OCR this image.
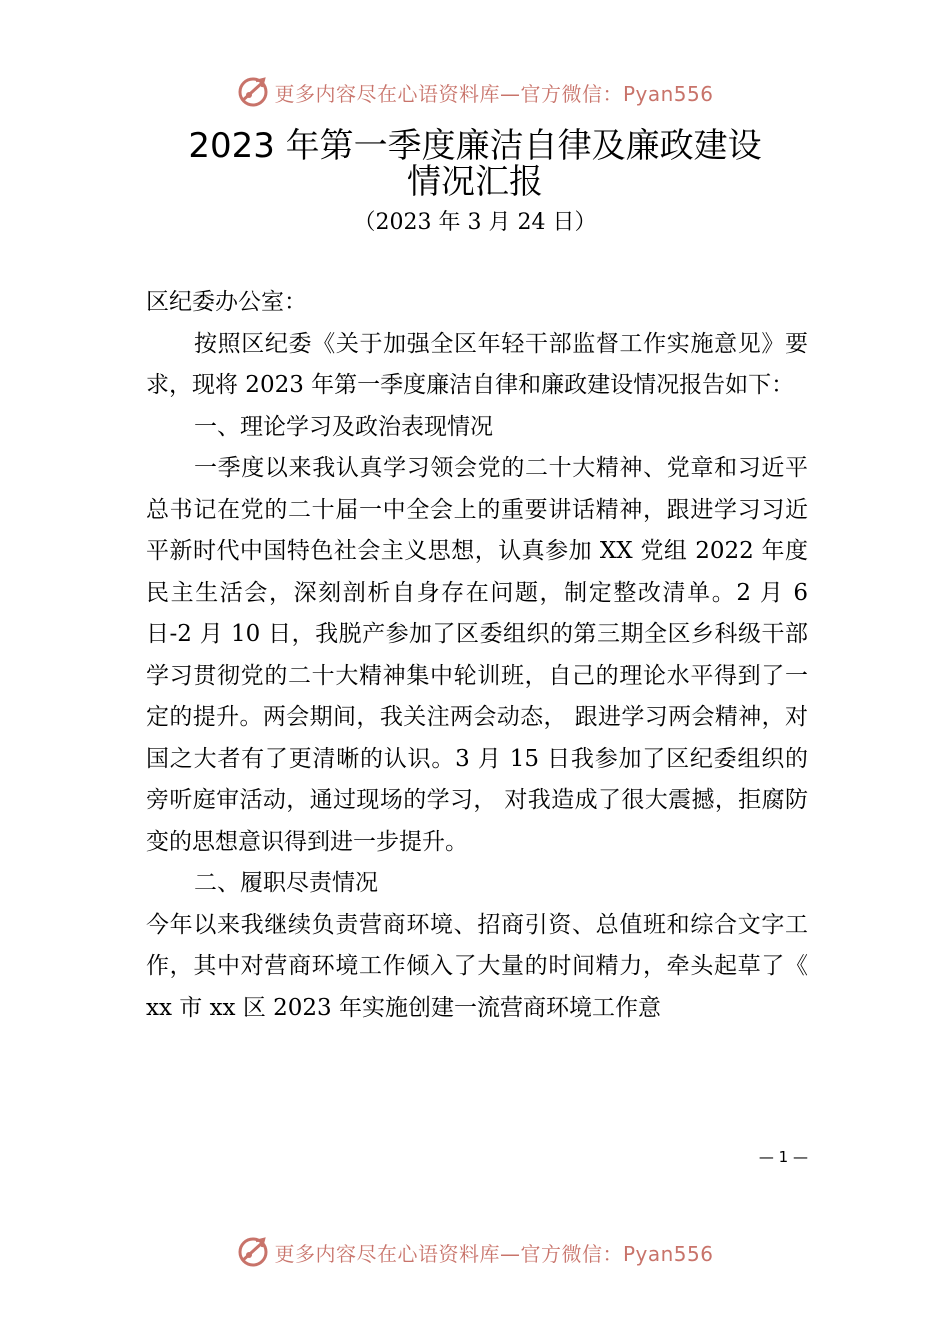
更多内容尽在心语资料库—官方微信：Pyan556
2023 年第一季度廉洁自律及廉政建设
情况汇报
（2023 年 3 月 24 日）

区纪委办公室：

按照区纪委《关于加强全区年轻干部监督工作实施意见》要求，现将 2023 年第一季度廉洁自律和廉政建设情况报告如下：

一、理论学习及政治表现情况

一季度以来我认真学习领会党的二十大精神、党章和习近平总书记在党的二十届一中全会上的重要讲话精神，跟进学习习近平新时代中国特色社会主义思想，认真参加 XX 党组 2022 年度民主生活会，深刻剖析自身存在问题，制定整改清单。2 月 6 日-2 月 10 日，我脱产参加了区委组织的第三期全区乡科级干部学习贯彻党的二十大精神集中轮训班，自己的理论水平得到了一定的提升。两会期间，我关注两会动态， 跟进学习两会精神，对国之大者有了更清晰的认识。3 月 15 日我参加了区纪委组织的旁听庭审活动，通过现场的学习， 对我造成了很大震撼，拒腐防变的思想意识得到进一步提升。

二、履职尽责情况

今年以来我继续负责营商环境、招商引资、总值班和综合文字工作，其中对营商环境工作倾入了大量的时间精力，牵头起草了《 xx 市 xx 区 2023 年实施创建一流营商环境工作意

— 1 —
更多内容尽在心语资料库—官方微信：Pyan556
